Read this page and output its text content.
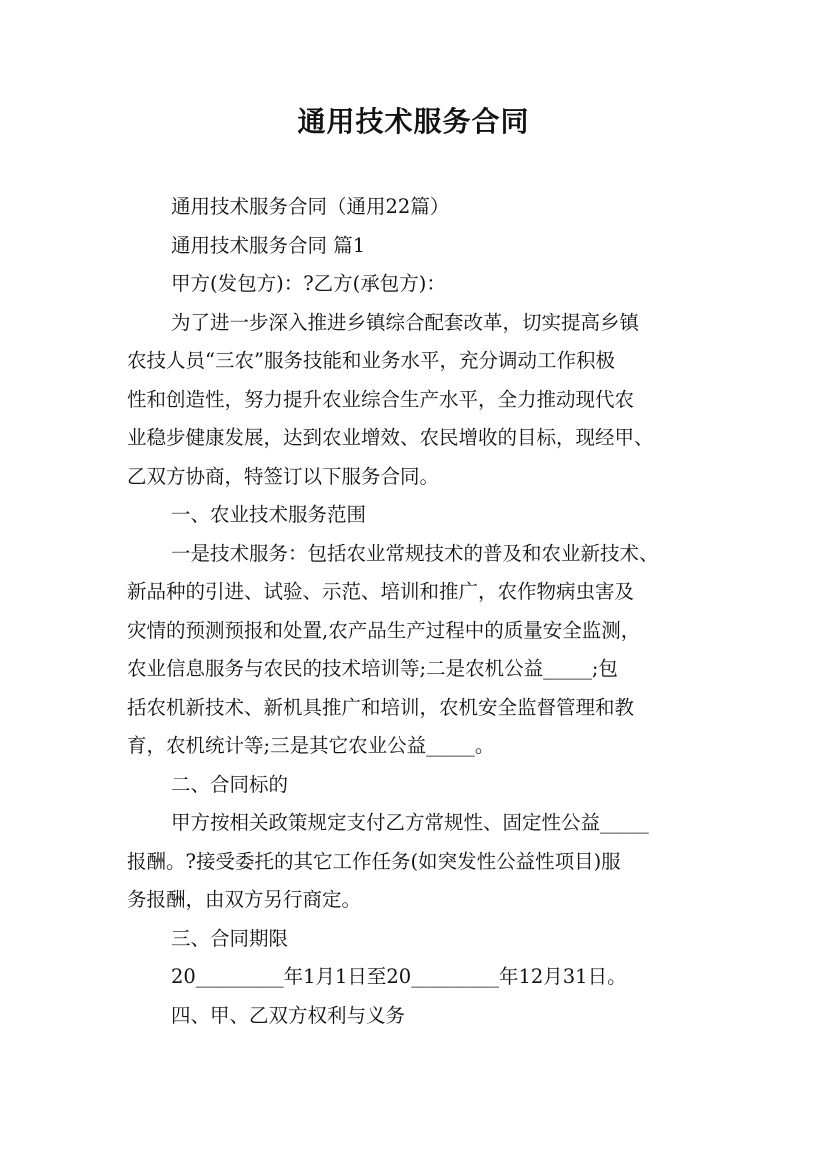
通用技术服务合同
通用技术服务合同（通用22篇）
通用技术服务合同 篇1
甲方(发包方)：?乙方(承包方)：
为了进一步深入推进乡镇综合配套改革，切实提高乡镇
农技人员“三农”服务技能和业务水平，充分调动工作积极
性和创造性，努力提升农业综合生产水平，全力推动现代农
业稳步健康发展，达到农业增效、农民增收的目标，现经甲、
乙双方协商，特签订以下服务合同。
一、农业技术服务范围
一是技术服务：包括农业常规技术的普及和农业新技术、
新品种的引进、试验、示范、培训和推广，农作物病虫害及
灾情的预测预报和处置,农产品生产过程中的质量安全监测，
农业信息服务与农民的技术培训等;二是农机公益_____;包
括农机新技术、新机具推广和培训，农机安全监督管理和教
育，农机统计等;三是其它农业公益_____。
二、合同标的
甲方按相关政策规定支付乙方常规性、固定性公益_____
报酬。?接受委托的其它工作任务(如突发性公益性项目)服
务报酬，由双方另行商定。
三、合同期限
20_________年1月1日至20_________年12月31日。
四、甲、乙双方权利与义务
